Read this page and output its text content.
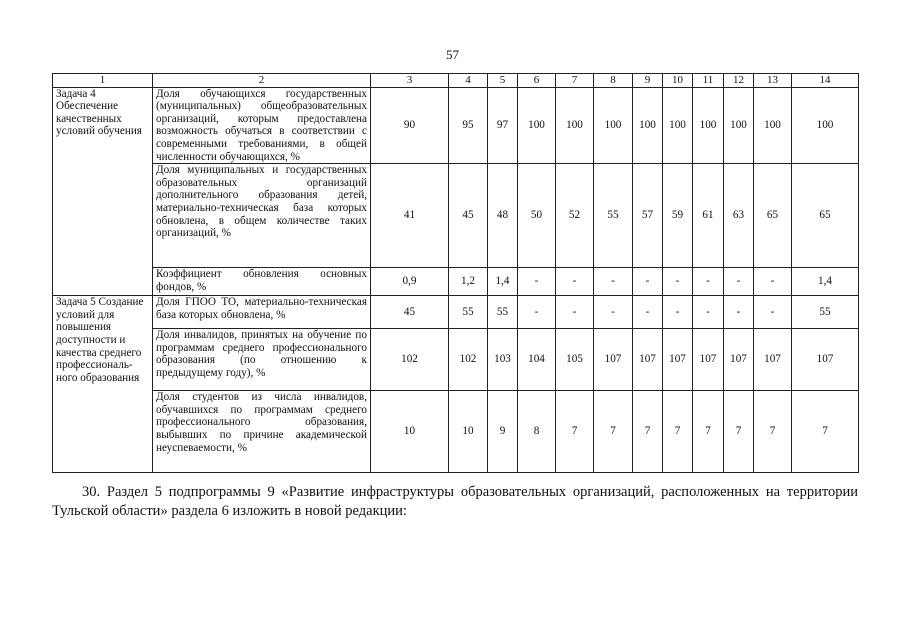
57
1	2	3	4	5	6	7	8	9	10	11	12	13	14
Задача 4 Обеспечение качественных условий обучения	Доля обучающихся государственных (муниципальных) общеобразовательных организаций, которым предоставлена возможность обучаться в соответствии с современными требованиями, в общей численности обучающихся, %	90	95	97	100	100	100	100	100	100	100	100	100
	Доля муниципальных и государственных образовательных организаций дополнительного образования детей, материально-техническая база которых обновлена, в общем количестве таких организаций, %	41	45	48	50	52	55	57	59	61	63	65	65
	Коэффициент обновления основных фондов, %	0,9	1,2	1,4	-	-	-	-	-	-	-	-	1,4
Задача 5 Создание условий для повышения доступности и качества среднего профессиональ-ного образования	Доля ГПОО ТО, материально-техническая база которых обновлена, %	45	55	55	-	-	-	-	-	-	-	-	55
	Доля инвалидов, принятых на обучение по программам среднего профессионального образования (по отношению к предыдущему году), %	102	102	103	104	105	107	107	107	107	107	107	107
	Доля студентов из числа инвалидов, обучавшихся по программам среднего профессионального образования, выбывших по причине академической неуспеваемости, %	10	10	9	8	7	7	7	7	7	7	7	7
30. Раздел 5 подпрограммы 9 «Развитие инфраструктуры образовательных организаций, расположенных на территории Тульской области» раздела 6 изложить в новой редакции:
